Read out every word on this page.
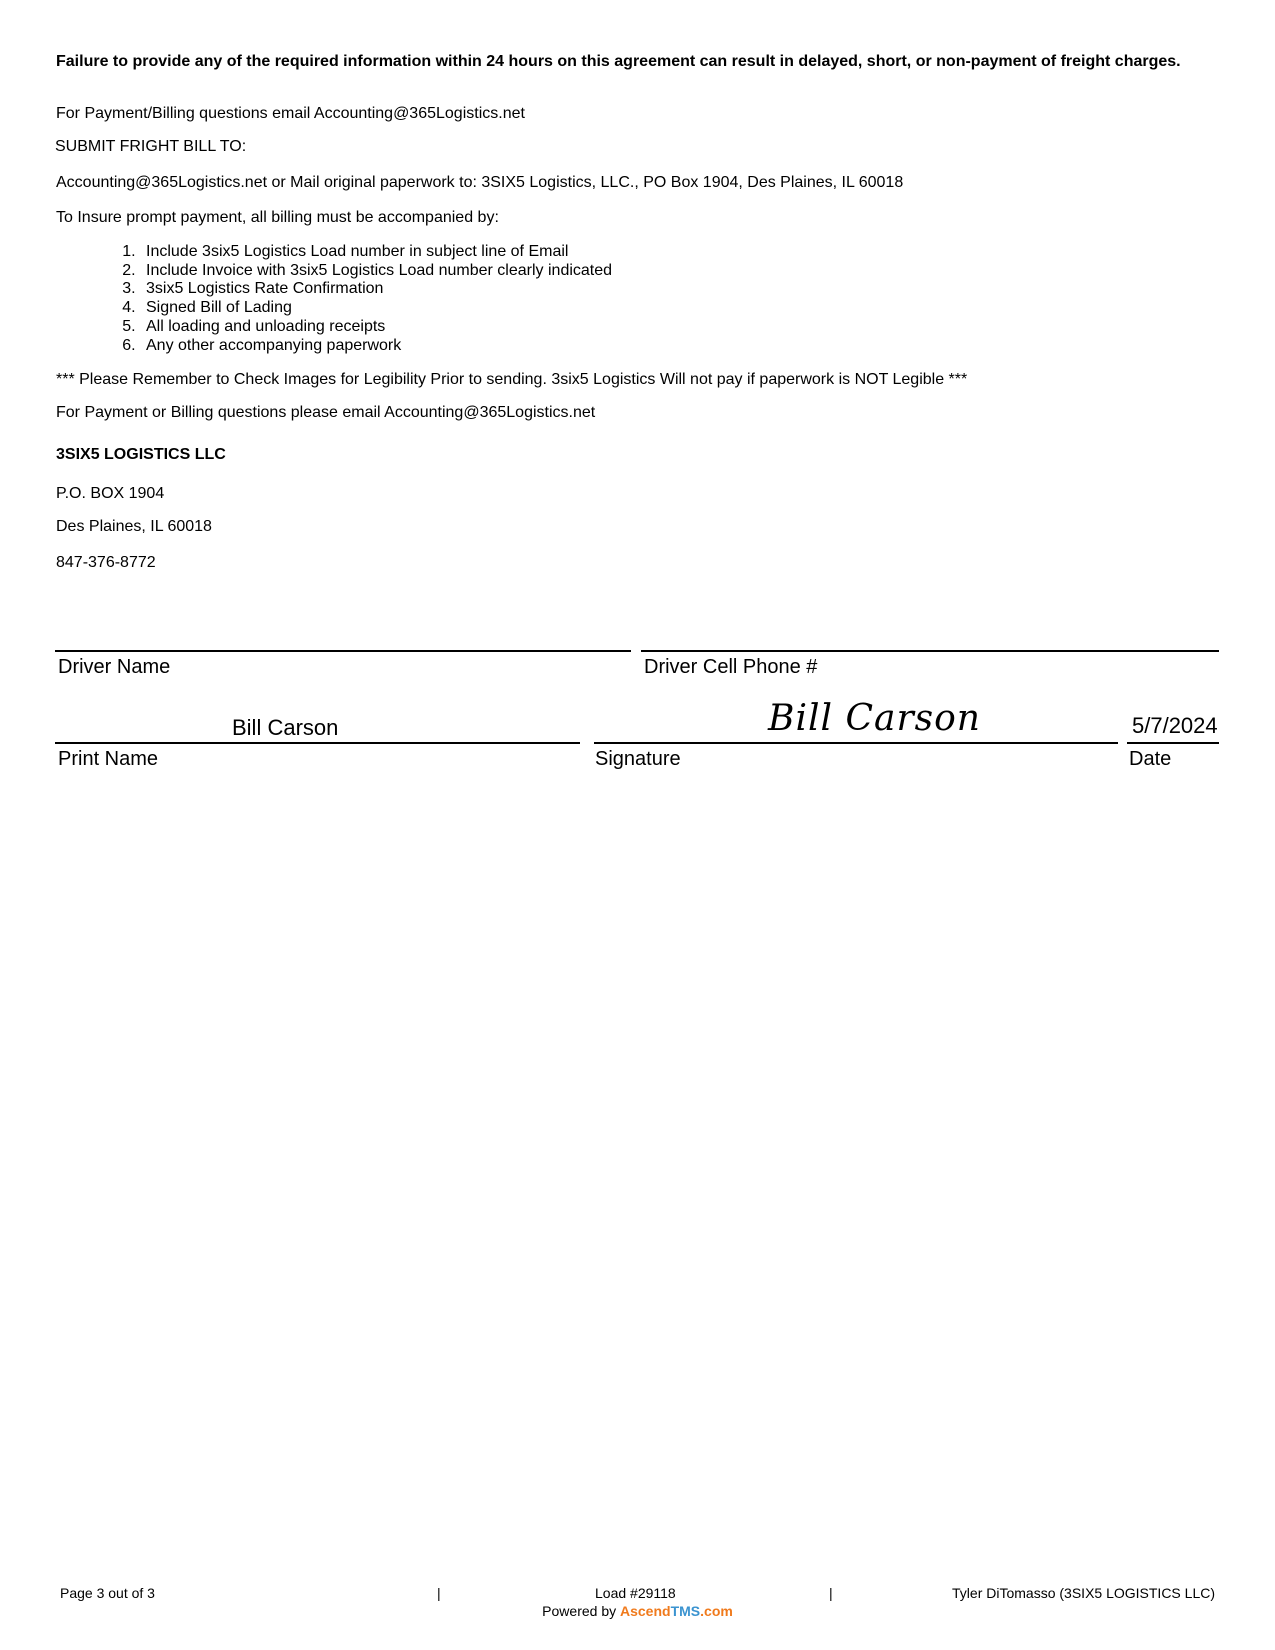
Failure to provide any of the required information within 24 hours on this agreement can result in delayed, short, or non-payment of freight charges.
For Payment/Billing questions email Accounting@365Logistics.net
SUBMIT FRIGHT BILL TO:
Accounting@365Logistics.net or Mail original paperwork to: 3SIX5 Logistics, LLC., PO Box 1904, Des Plaines, IL 60018
To Insure prompt payment, all billing must be accompanied by:
1. Include 3six5 Logistics Load number in subject line of Email
2. Include Invoice with 3six5 Logistics Load number clearly indicated
3. 3six5 Logistics Rate Confirmation
4. Signed Bill of Lading
5. All loading and unloading receipts
6. Any other accompanying paperwork
*** Please Remember to Check Images for Legibility Prior to sending. 3six5 Logistics Will not pay if paperwork is NOT Legible ***
For Payment or Billing questions please email Accounting@365Logistics.net
3SIX5 LOGISTICS LLC
P.O. BOX 1904
Des Plaines, IL 60018
847-376-8772
Driver Name	Driver Cell Phone #
Bill Carson
Print Name
Bill Carson
Signature
5/7/2024
Date
Page 3 out of 3	|	Load #29118	|	Tyler DiTomasso (3SIX5 LOGISTICS LLC)
Powered by AscendTMS.com
